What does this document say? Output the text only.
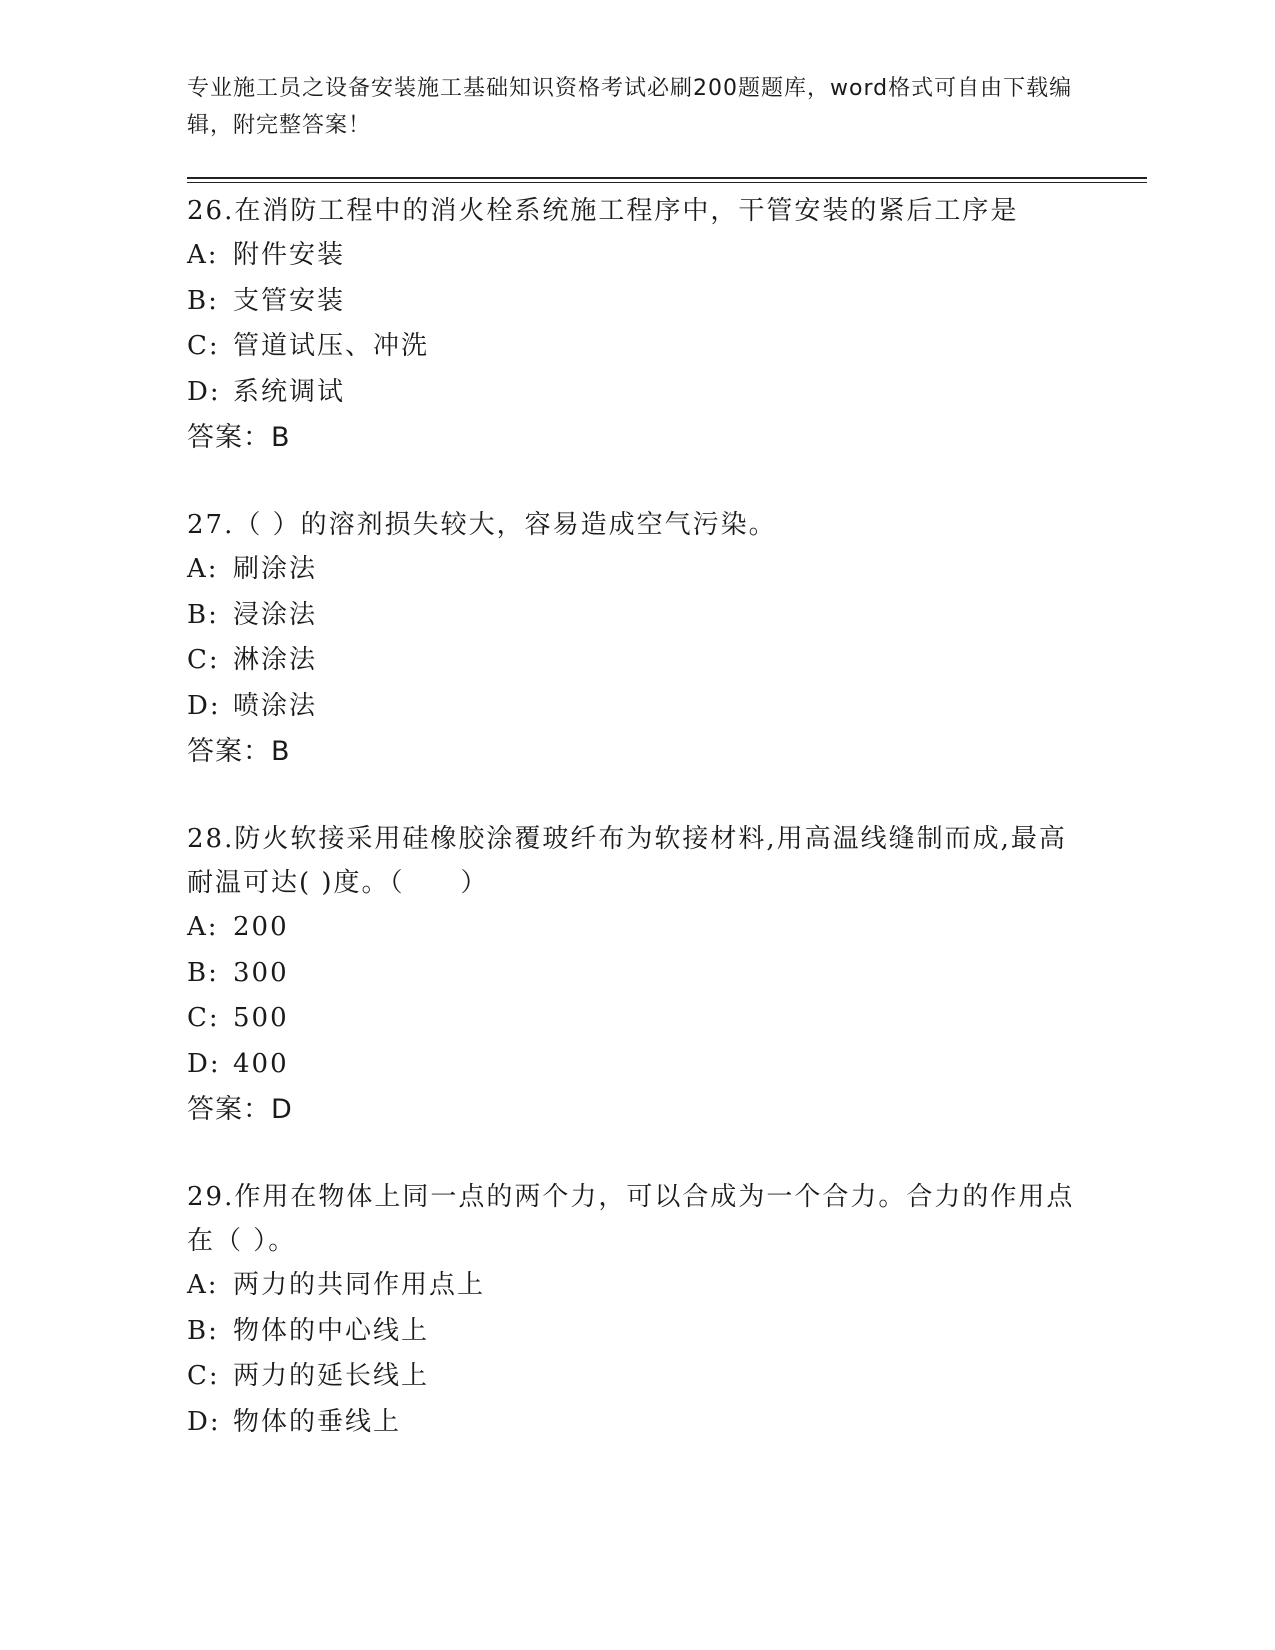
专业施工员之设备安装施工基础知识资格考试必刷200题题库，word格式可自由下载编辑，附完整答案！

26.在消防工程中的消火栓系统施工程序中，干管安装的紧后工序是

A: 附件安装
B: 支管安装
C: 管道试压、冲洗
D: 系统调试
答案：B

27.（ ）的溶剂损失较大，容易造成空气污染。

A: 刷涂法
B: 浸涂法
C: 淋涂法
D: 喷涂法
答案：B

28.防火软接采用硅橡胶涂覆玻纤布为软接材料,用高温线缝制而成,最高耐温可达( )度。（　　）

A: 200
B: 300
C: 500
D: 400
答案：D

29.作用在物体上同一点的两个力，可以合成为一个合力。合力的作用点在（ ）。

A: 两力的共同作用点上
B: 物体的中心线上
C: 两力的延长线上
D: 物体的垂线上
